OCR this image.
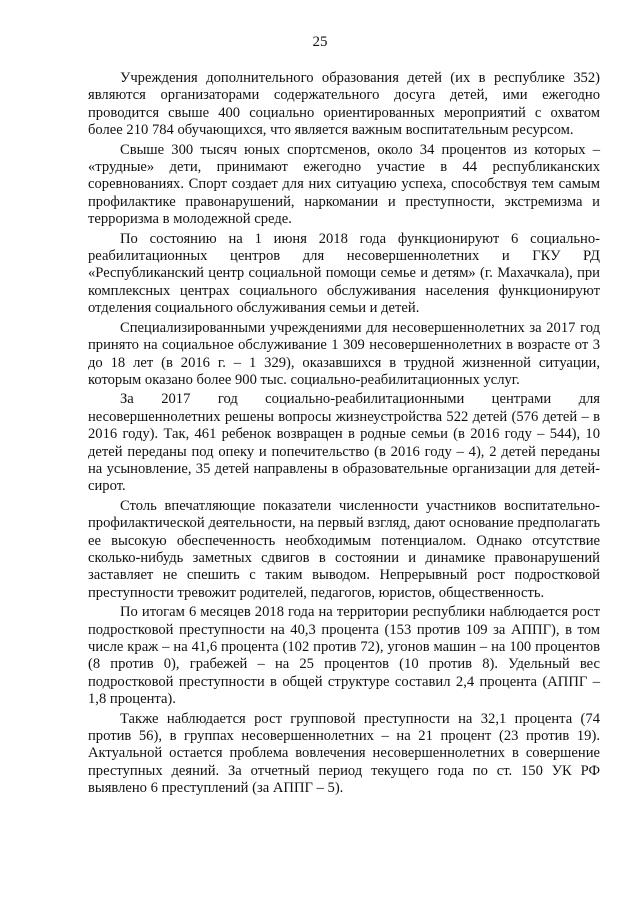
25

Учреждения дополнительного образования детей (их в республике 352) являются организаторами содержательного досуга детей, ими ежегодно проводится свыше 400 социально ориентированных мероприятий с охватом более 210 784 обучающихся, что является важным воспитательным ресурсом.

Свыше 300 тысяч юных спортсменов, около 34 процентов из которых – «трудные» дети, принимают ежегодно участие в 44 республиканских соревнованиях. Спорт создает для них ситуацию успеха, способствуя тем самым профилактике правонарушений, наркомании и преступности, экстремизма и терроризма в молодежной среде.

По состоянию на 1 июня 2018 года функционируют 6 социально-реабилитационных центров для несовершеннолетних и ГКУ РД «Республиканский центр социальной помощи семье и детям» (г. Махачкала), при комплексных центрах социального обслуживания населения функционируют отделения социального обслуживания семьи и детей.

Специализированными учреждениями для несовершеннолетних за 2017 год принято на социальное обслуживание 1 309 несовершеннолетних в возрасте от 3 до 18 лет (в 2016 г. – 1 329), оказавшихся в трудной жизненной ситуации, которым оказано более 900 тыс. социально-реабилитационных услуг.

За 2017 год социально-реабилитационными центрами для несовершеннолетних решены вопросы жизнеустройства 522 детей (576 детей – в 2016 году). Так, 461 ребенок возвращен в родные семьи (в 2016 году – 544), 10 детей переданы под опеку и попечительство (в 2016 году – 4), 2 детей переданы на усыновление, 35 детей направлены в образовательные организации для детей-сирот.

Столь впечатляющие показатели численности участников воспитательно-профилактической деятельности, на первый взгляд, дают основание предполагать ее высокую обеспеченность необходимым потенциалом. Однако отсутствие сколько-нибудь заметных сдвигов в состоянии и динамике правонарушений заставляет не спешить с таким выводом. Непрерывный рост подростковой преступности тревожит родителей, педагогов, юристов, общественность.

По итогам 6 месяцев 2018 года на территории республики наблюдается рост подростковой преступности на 40,3 процента (153 против 109 за АППГ), в том числе краж – на 41,6 процента (102 против 72), угонов машин – на 100 процентов (8 против 0), грабежей – на 25 процентов (10 против 8). Удельный вес подростковой преступности в общей структуре составил 2,4 процента (АППГ – 1,8 процента).

Также наблюдается рост групповой преступности на 32,1 процента (74 против 56), в группах несовершеннолетних – на 21 процент (23 против 19). Актуальной остается проблема вовлечения несовершеннолетних в совершение преступных деяний. За отчетный период текущего года по ст. 150 УК РФ выявлено 6 преступлений (за АППГ – 5).
